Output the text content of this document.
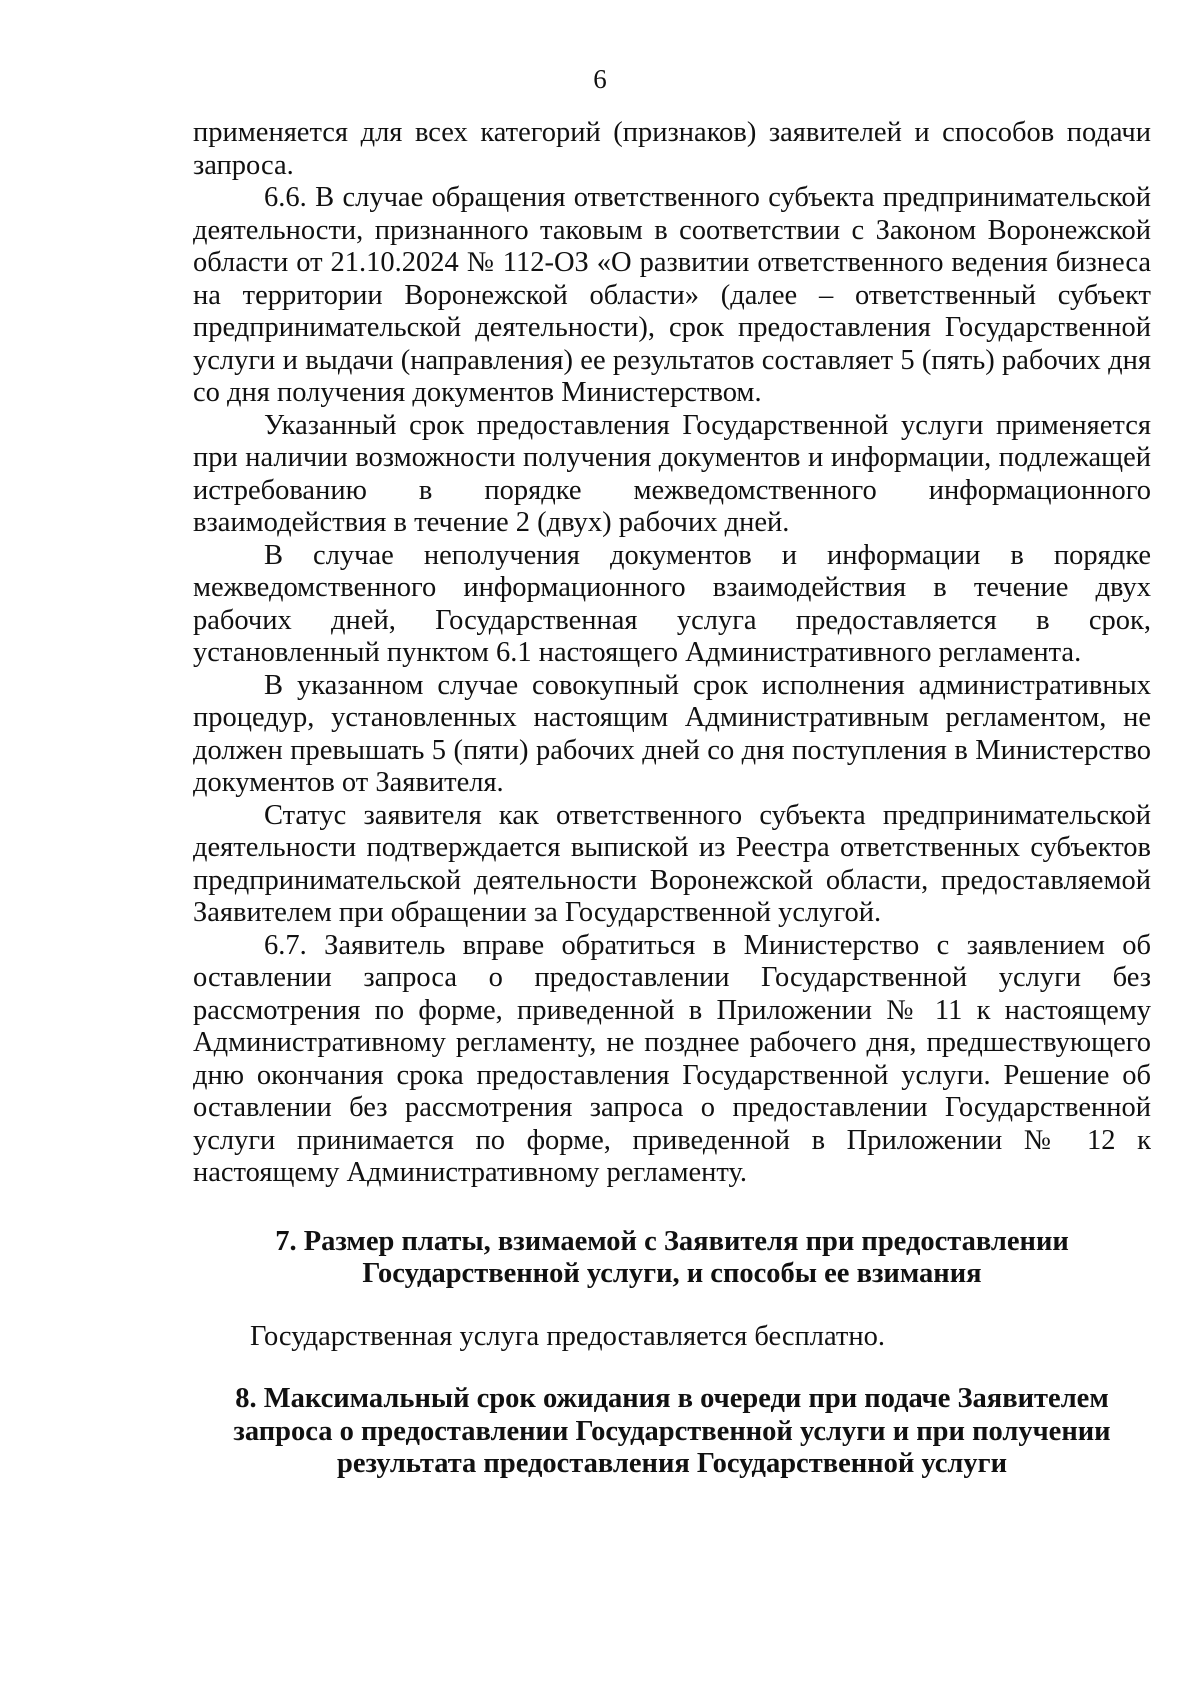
6

применяется для всех категорий (признаков) заявителей и способов подачи запроса.

6.6. В случае обращения ответственного субъекта предпринимательской деятельности, признанного таковым в соответствии с Законом Воронежской области от 21.10.2024 № 112-ОЗ «О развитии ответственного ведения бизнеса на территории Воронежской области» (далее – ответственный субъект предпринимательской деятельности), срок предоставления Государственной услуги и выдачи (направления) ее результатов составляет 5 (пять) рабочих дня со дня получения документов Министерством.

Указанный срок предоставления Государственной услуги применяется при наличии возможности получения документов и информации, подлежащей истребованию в порядке межведомственного информационного взаимодействия в течение 2 (двух) рабочих дней.

В случае неполучения документов и информации в порядке межведомственного информационного взаимодействия в течение двух рабочих дней, Государственная услуга предоставляется в срок, установленный пунктом 6.1 настоящего Административного регламента.

В указанном случае совокупный срок исполнения административных процедур, установленных настоящим Административным регламентом, не должен превышать 5 (пяти) рабочих дней со дня поступления в Министерство документов от Заявителя.

Статус заявителя как ответственного субъекта предпринимательской деятельности подтверждается выпиской из Реестра ответственных субъектов предпринимательской деятельности Воронежской области, предоставляемой Заявителем при обращении за Государственной услугой.

6.7. Заявитель вправе обратиться в Министерство с заявлением об оставлении запроса о предоставлении Государственной услуги без рассмотрения по форме, приведенной в Приложении № 11 к настоящему Административному регламенту, не позднее рабочего дня, предшествующего дню окончания срока предоставления Государственной услуги. Решение об оставлении без рассмотрения запроса о предоставлении Государственной услуги принимается по форме, приведенной в Приложении № 12 к настоящему Административному регламенту.

7. Размер платы, взимаемой с Заявителя при предоставлении
Государственной услуги, и способы ее взимания

Государственная услуга предоставляется бесплатно.

8. Максимальный срок ожидания в очереди при подаче Заявителем
запроса о предоставлении Государственной услуги и при получении
результата предоставления Государственной услуги
